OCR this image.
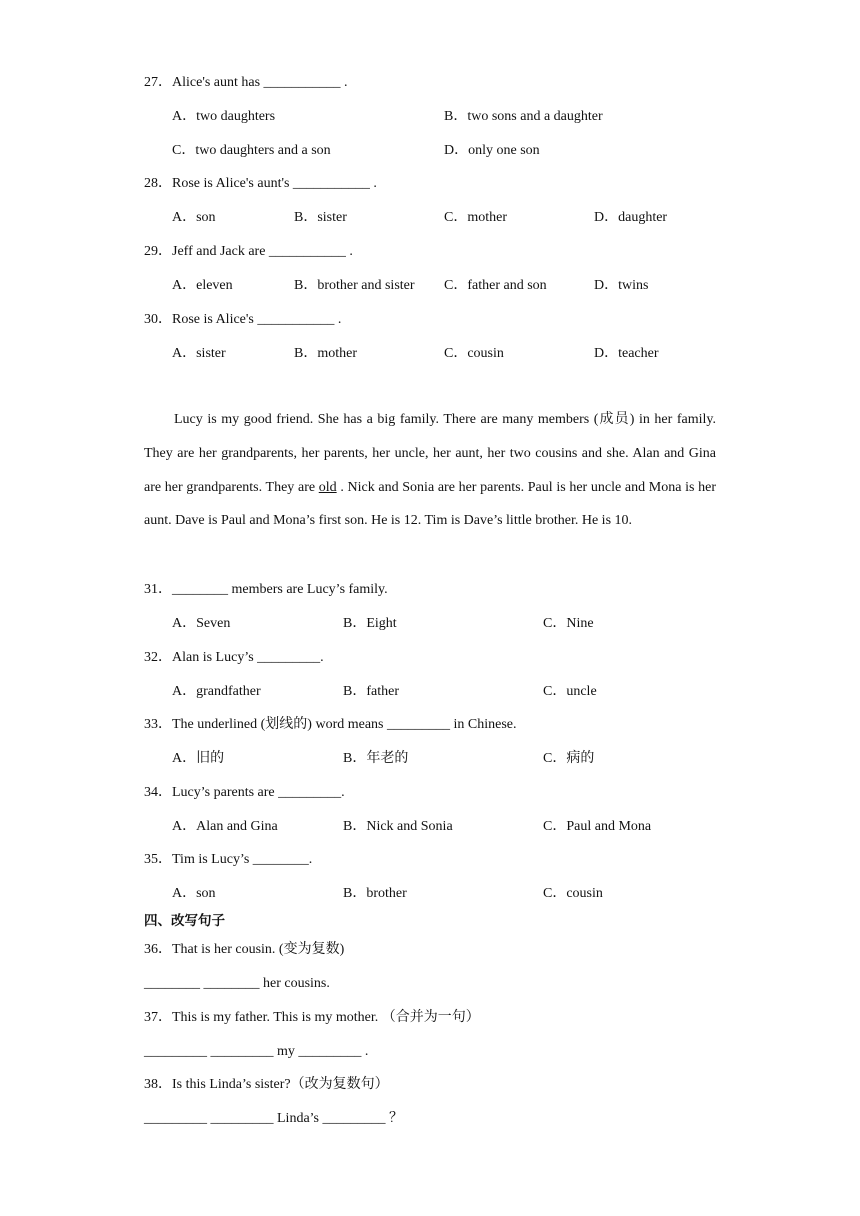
27．Alice's aunt has ___________ .
A．two daughters	B．two sons and a daughter
C．two daughters and a son	D．only one son
28．Rose is Alice's aunt's ___________ .
A．son	B．sister	C．mother	D．daughter
29．Jeff and Jack are ___________ .
A．eleven	B．brother and sister C．father and son	D．twins
30．Rose is Alice's ___________ .
A．sister	B．mother	C．cousin	D．teacher
Lucy is my good friend. She has a big family. There are many members (成员) in her family. They are her grandparents, her parents, her uncle, her aunt, her two cousins and she. Alan and Gina are her grandparents. They are old . Nick and Sonia are her parents. Paul is her uncle and Mona is her aunt. Dave is Paul and Mona’s first son. He is 12. Tim is Dave’s little brother. He is 10.
31．________ members are Lucy’s family.
A．Seven	B．Eight	C．Nine
32．Alan is Lucy’s _________.
A．grandfather	B．father	C．uncle
33．The underlined (划线的) word means _________ in Chinese.
A．旧的	B．年老的	C．病的
34．Lucy’s parents are _________.
A．Alan and Gina	B．Nick and Sonia	C．Paul and Mona
35．Tim is Lucy’s ________.
A．son	B．brother	C．cousin
四、改写句子
36．That is her cousin. (变为复数)
________ ________ her cousins.
37．This is my father. This is my mother. （合并为一句）
_________ _________ my _________ .
38．Is this Linda’s sister?（改为复数句）
_________ _________ Linda’s _________ ？
